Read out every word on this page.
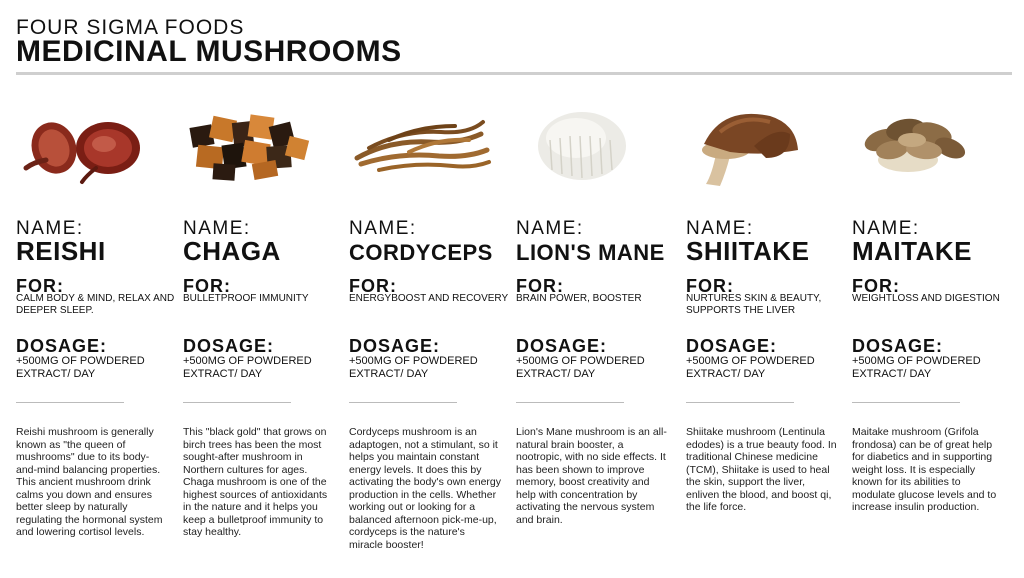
FOUR SIGMA FOODS
MEDICINAL MUSHROOMS
NAME:
REISHI
FOR:
CALM BODY & MIND, RELAX AND DEEPER SLEEP.
DOSAGE:
+500MG OF POWDERED EXTRACT/ DAY
Reishi mushroom is generally known as "the queen of mushrooms" due to its body-and-mind balancing properties. This ancient mushroom drink calms you down and ensures better sleep by naturally regulating the hormonal system and lowering cortisol levels.
NAME:
CHAGA
FOR:
BULLETPROOF IMMUNITY
DOSAGE:
+500MG OF POWDERED EXTRACT/ DAY
This "black gold" that grows on birch trees has been the most sought-after mushroom in Northern cultures for ages. Chaga mushroom is one of the highest sources of antioxidants in the nature and it helps you keep a bulletproof immunity to stay healthy.
NAME:
CORDYCEPS
FOR:
ENERGYBOOST AND RECOVERY
DOSAGE:
+500MG OF POWDERED EXTRACT/ DAY
Cordyceps mushroom is an adaptogen, not a stimulant, so it helps you maintain constant energy levels. It does this by activating the body's own energy production in the cells. Whether working out or looking for a balanced afternoon pick-me-up, cordyceps is the nature's miracle booster!
NAME:
LION'S MANE
FOR:
BRAIN POWER, BOOSTER
DOSAGE:
+500MG OF POWDERED EXTRACT/ DAY
Lion's Mane mushroom is an all-natural brain booster, a nootropic, with no side effects. It has been shown to improve memory, boost creativity and help with concentration by activating the nervous system and brain.
NAME:
SHIITAKE
FOR:
NURTURES SKIN & BEAUTY, SUPPORTS THE LIVER
DOSAGE:
+500MG OF POWDERED EXTRACT/ DAY
Shiitake mushroom (Lentinula edodes) is a true beauty food. In traditional Chinese medicine (TCM), Shiitake is used to heal the skin, support the liver, enliven the blood, and boost qi, the life force.
NAME:
MAITAKE
FOR:
WEIGHTLOSS AND DIGESTION
DOSAGE:
+500MG OF POWDERED EXTRACT/ DAY
Maitake mushroom (Grifola frondosa) can be of great help for diabetics and in supporting weight loss. It is especially known for its abilities to modulate glucose levels and to increase insulin production.
